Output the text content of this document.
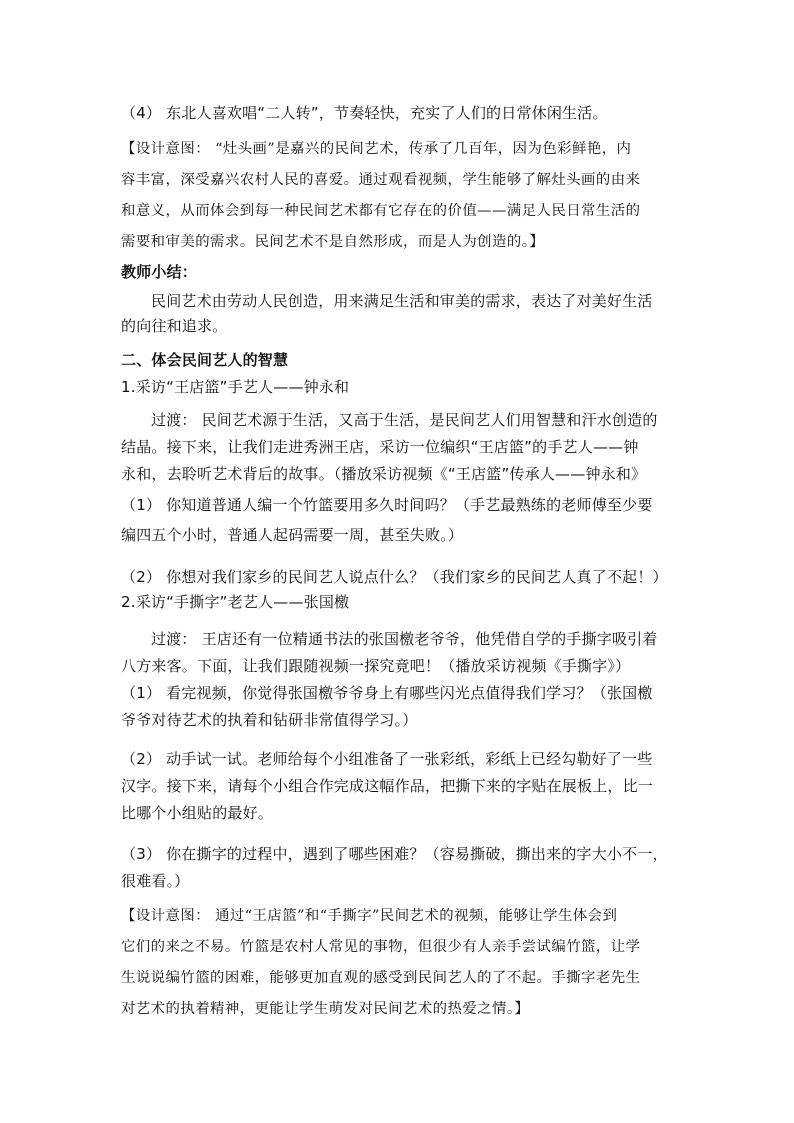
（4） 东北人喜欢唱“二人转”，节奏轻快，充实了人们的日常休闲生活。
【设计意图： “灶头画”是嘉兴的民间艺术，传承了几百年，因为色彩鲜艳，内
容丰富，深受嘉兴农村人民的喜爱。通过观看视频，学生能够了解灶头画的由来
和意义，从而体会到每一种民间艺术都有它存在的价值——满足人民日常生活的
需要和审美的需求。民间艺术不是自然形成，而是人为创造的。】
教师小结：
民间艺术由劳动人民创造，用来满足生活和审美的需求，表达了对美好生活
的向往和追求。
二、体会民间艺人的智慧
1.采访“王店篮”手艺人——钟永和
过渡： 民间艺术源于生活，又高于生活，是民间艺人们用智慧和汗水创造的
结晶。接下来，让我们走进秀洲王店，采访一位编织“王店篮”的手艺人——钟
永和，去聆听艺术背后的故事。（播放采访视频《“王店篮”传承人——钟永和》
（1） 你知道普通人编一个竹篮要用多久时间吗？（手艺最熟练的老师傅至少要
编四五个小时，普通人起码需要一周，甚至失败。）
（2） 你想对我们家乡的民间艺人说点什么？（我们家乡的民间艺人真了不起！）
2.采访“手撕字”老艺人——张国檄
过渡： 王店还有一位精通书法的张国檄老爷爷，他凭借自学的手撕字吸引着
八方来客。下面，让我们跟随视频一探究竟吧！（播放采访视频《手撕字》）
（1） 看完视频，你觉得张国檄爷爷身上有哪些闪光点值得我们学习？（张国檄
爷爷对待艺术的执着和钻研非常值得学习。）
（2） 动手试一试。老师给每个小组准备了一张彩纸，彩纸上已经勾勒好了一些
汉字。接下来，请每个小组合作完成这幅作品，把撕下来的字贴在展板上，比一
比哪个小组贴的最好。
（3） 你在撕字的过程中，遇到了哪些困难？（容易撕破，撕出来的字大小不一，
很难看。）
【设计意图： 通过“王店篮”和“手撕字”民间艺术的视频，能够让学生体会到
它们的来之不易。竹篮是农村人常见的事物，但很少有人亲手尝试编竹篮，让学
生说说编竹篮的困难，能够更加直观的感受到民间艺人的了不起。手撕字老先生
对艺术的执着精神，更能让学生萌发对民间艺术的热爱之情。】
